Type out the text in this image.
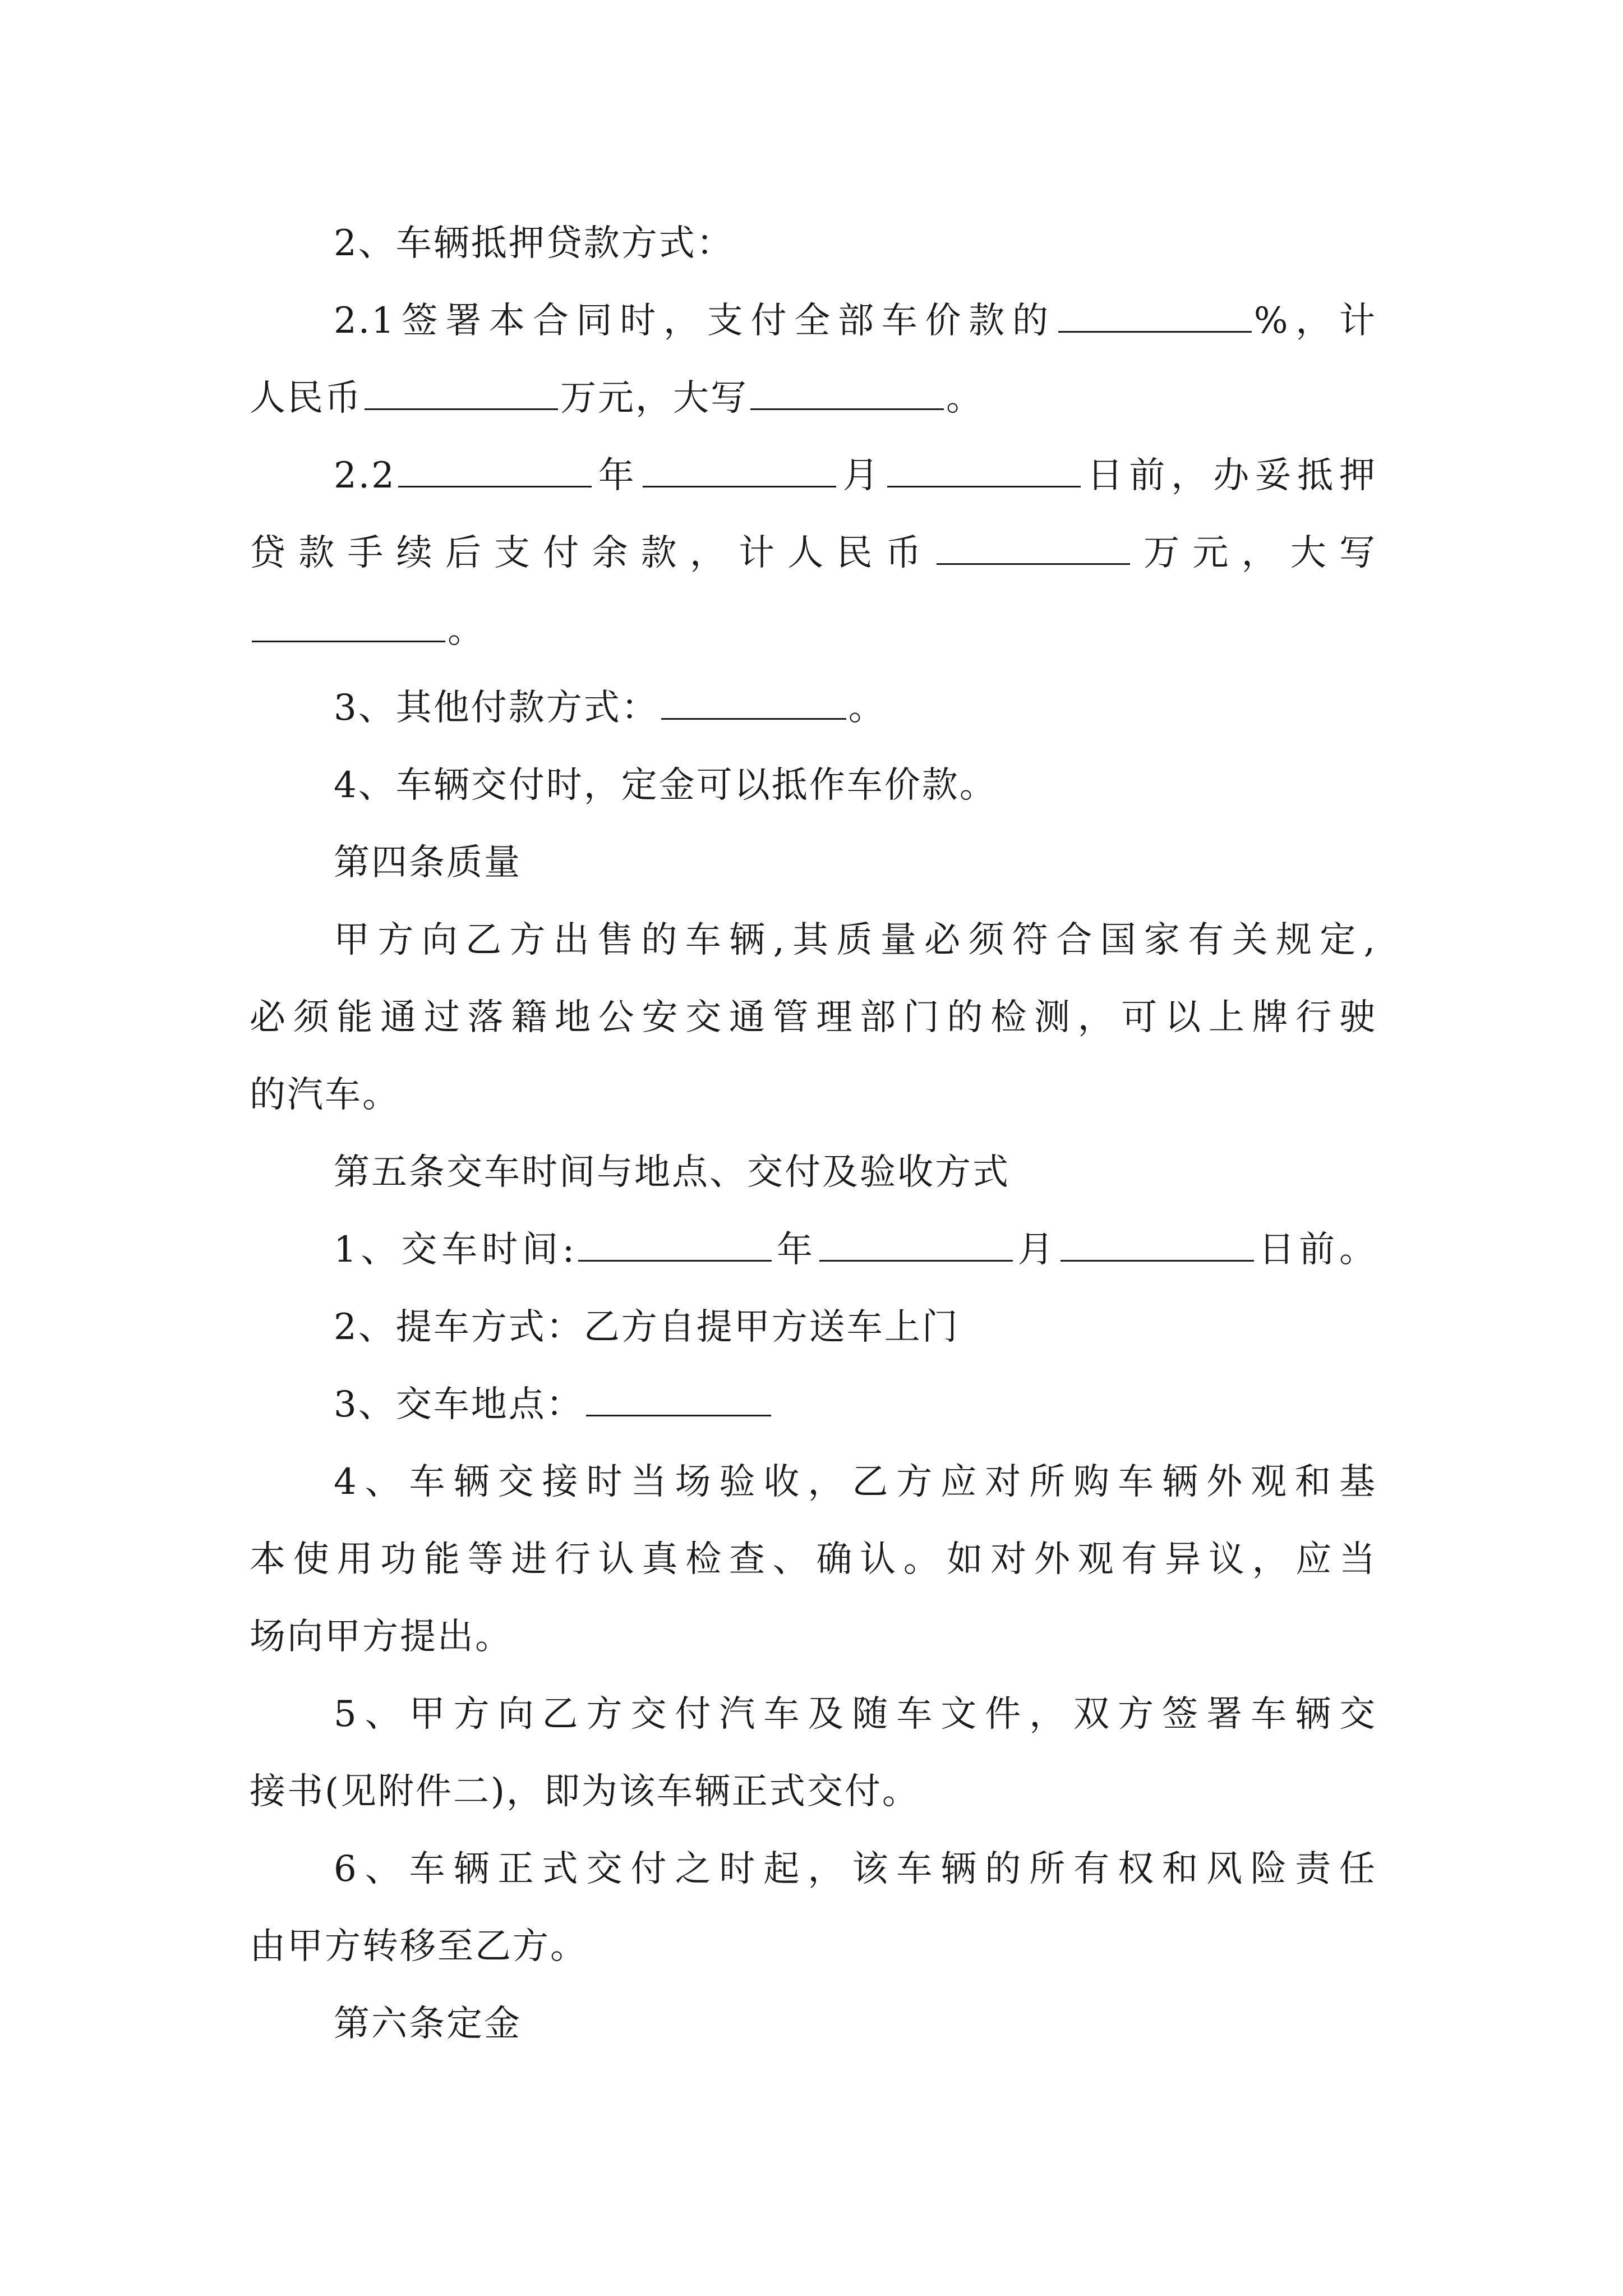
2、车辆抵押贷款方式：

2.1签署本合同时，支付全部车价款的	%，计

人民币	万元，大写	。

2.2	年	月	日前，办妥抵押

贷款手续后支付余款，计人民币	万元，大写

。

3、其他付款方式：	。

4、车辆交付时，定金可以抵作车价款。

第四条质量

甲方向乙方出售的车辆,其质量必须符合国家有关规定,

必须能通过落籍地公安交通管理部门的检测，可以上牌行驶

的汽车。

第五条交车时间与地点、交付及验收方式

1、交车时间:	年	月	日前。

2、提车方式：乙方自提甲方送车上门

3、交车地点：

4、车辆交接时当场验收，乙方应对所购车辆外观和基

本使用功能等进行认真检查、确认。如对外观有异议，应当

场向甲方提出。

5、甲方向乙方交付汽车及随车文件，双方签署车辆交

接书(见附件二)，即为该车辆正式交付。

6、车辆正式交付之时起，该车辆的所有权和风险责任

由甲方转移至乙方。

第六条定金
